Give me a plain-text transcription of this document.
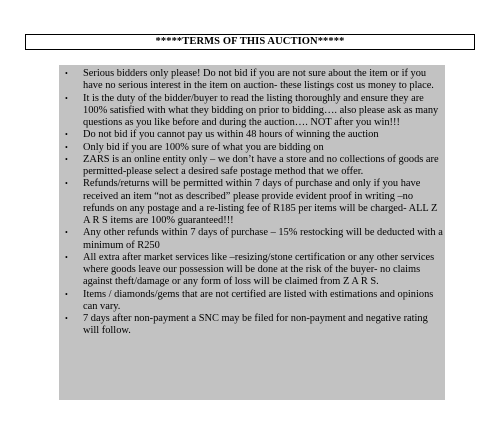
*****TERMS OF THIS AUCTION*****
• Serious bidders only please! Do not bid if you are not sure about the item or if you have no serious interest in the item on auction- these listings cost us money to place.
• It is the duty of the bidder/buyer to read the listing thoroughly and ensure they are 100% satisfied with what they bidding on prior to bidding…. also please ask as many questions as you like before and during the auction…. NOT after you win!!!
• Do not bid if you cannot pay us within 48 hours of winning the auction
• Only bid if you are 100% sure of what you are bidding on
• ZARS is an online entity only – we don’t have a store and no collections of goods are permitted-please select a desired safe postage method that we offer.
• Refunds/returns will be permitted within 7 days of purchase and only if you have received an item “not as described” please provide evident proof in writing –no refunds on any postage and a re-listing fee of R185 per items will be charged- ALL Z A R S items are 100% guaranteed!!!
• Any other refunds within 7 days of purchase – 15% restocking will be deducted with a minimum of R250
• All extra after market services like –resizing/stone certification or any other services where goods leave our possession will be done at the risk of the buyer- no claims against theft/damage or any form of loss will be claimed from Z A R S.
• Items / diamonds/gems that are not certified are listed with estimations and opinions can vary.
• 7 days after non-payment a SNC may be filed for non-payment and negative rating will follow.
